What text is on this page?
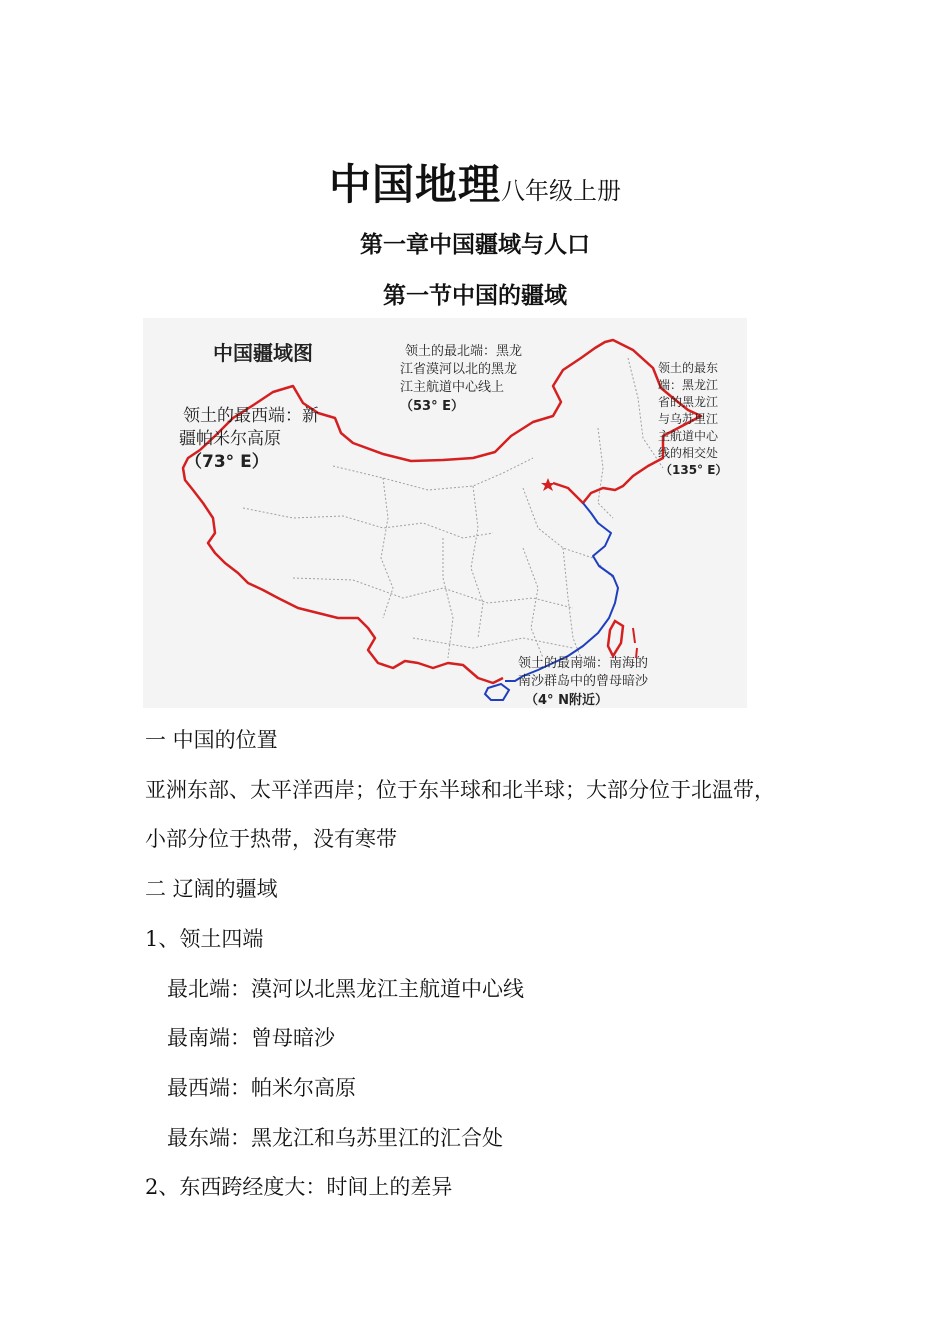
中国地理八年级上册
第一章中国疆域与人口
第一节中国的疆域
中国疆域图	领土的最北端：黑龙
江省漠河以北的黑龙
江主航道中心线上
（53° E）
领土的最西端：新
疆帕米尔高原
（73° E）
领土的最东
端：黑龙江
省的黑龙江
与乌苏里江
主航道中心
线的相交处
（135° E）
领土的最南端：南海的
南沙群岛中的曾母暗沙
（4° N附近）
一 中国的位置
亚洲东部、太平洋西岸；位于东半球和北半球；大部分位于北温带，
小部分位于热带，没有寒带
二 辽阔的疆域
1、领土四端
最北端：漠河以北黑龙江主航道中心线
最南端：曾母暗沙
最西端：帕米尔高原
最东端：黑龙江和乌苏里江的汇合处
2、东西跨经度大：时间上的差异
